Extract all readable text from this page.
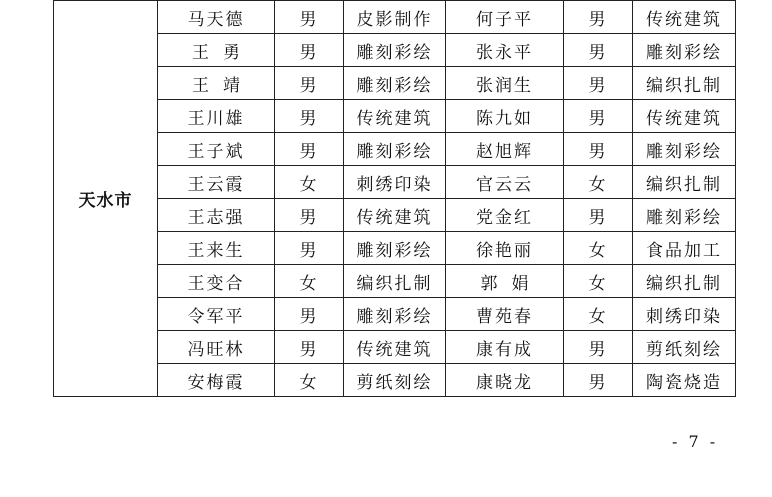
天水市	马天德	男	皮影制作	何子平	男	传统建筑
	王勇	男	雕刻彩绘	张永平	男	雕刻彩绘
	王靖	男	雕刻彩绘	张润生	男	编织扎制
	王川雄	男	传统建筑	陈九如	男	传统建筑
	王子斌	男	雕刻彩绘	赵旭辉	男	雕刻彩绘
	王云霞	女	刺绣印染	官云云	女	编织扎制
	王志强	男	传统建筑	党金红	男	雕刻彩绘
	王来生	男	雕刻彩绘	徐艳丽	女	食品加工
	王变合	女	编织扎制	郭娟	女	编织扎制
	令军平	男	雕刻彩绘	曹苑春	女	刺绣印染
	冯旺林	男	传统建筑	康有成	男	剪纸刻绘
	安梅霞	女	剪纸刻绘	康晓龙	男	陶瓷烧造
- 7 -
